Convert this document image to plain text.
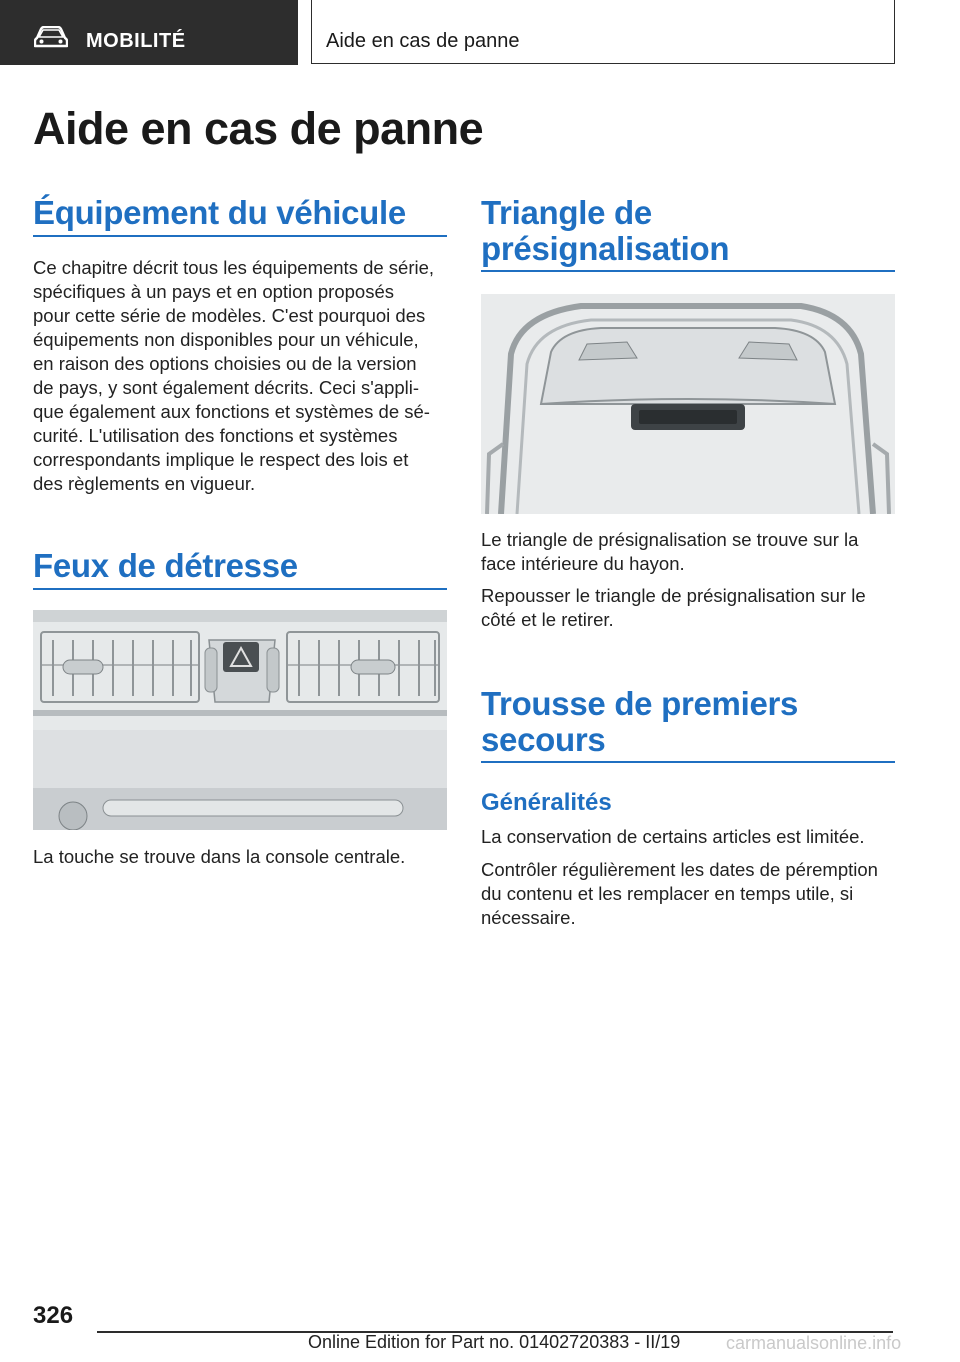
MOBILITÉ	Aide en cas de panne
Aide en cas de panne
Équipement du véhicule
Ce chapitre décrit tous les équipements de série,
spécifiques à un pays et en option proposés
pour cette série de modèles. C'est pourquoi des
équipements non disponibles pour un véhicule,
en raison des options choisies ou de la version
de pays, y sont également décrits. Ceci s'appli‐
que également aux fonctions et systèmes de sé‐
curité. L'utilisation des fonctions et systèmes
correspondants implique le respect des lois et
des règlements en vigueur.
Feux de détresse

La touche se trouve dans la console centrale.

Triangle de
présignalisation
Le triangle de présignalisation se trouve sur la
face intérieure du hayon.
Repousser le triangle de présignalisation sur le
côté et le retirer.
Trousse de premiers
secours
Généralités

La conservation de certains articles est limitée.

Contrôler régulièrement les dates de péremption
du contenu et les remplacer en temps utile, si
nécessaire.
326
Online Edition for Part no. 01402720383 - II/19	carmanualsonline.info
